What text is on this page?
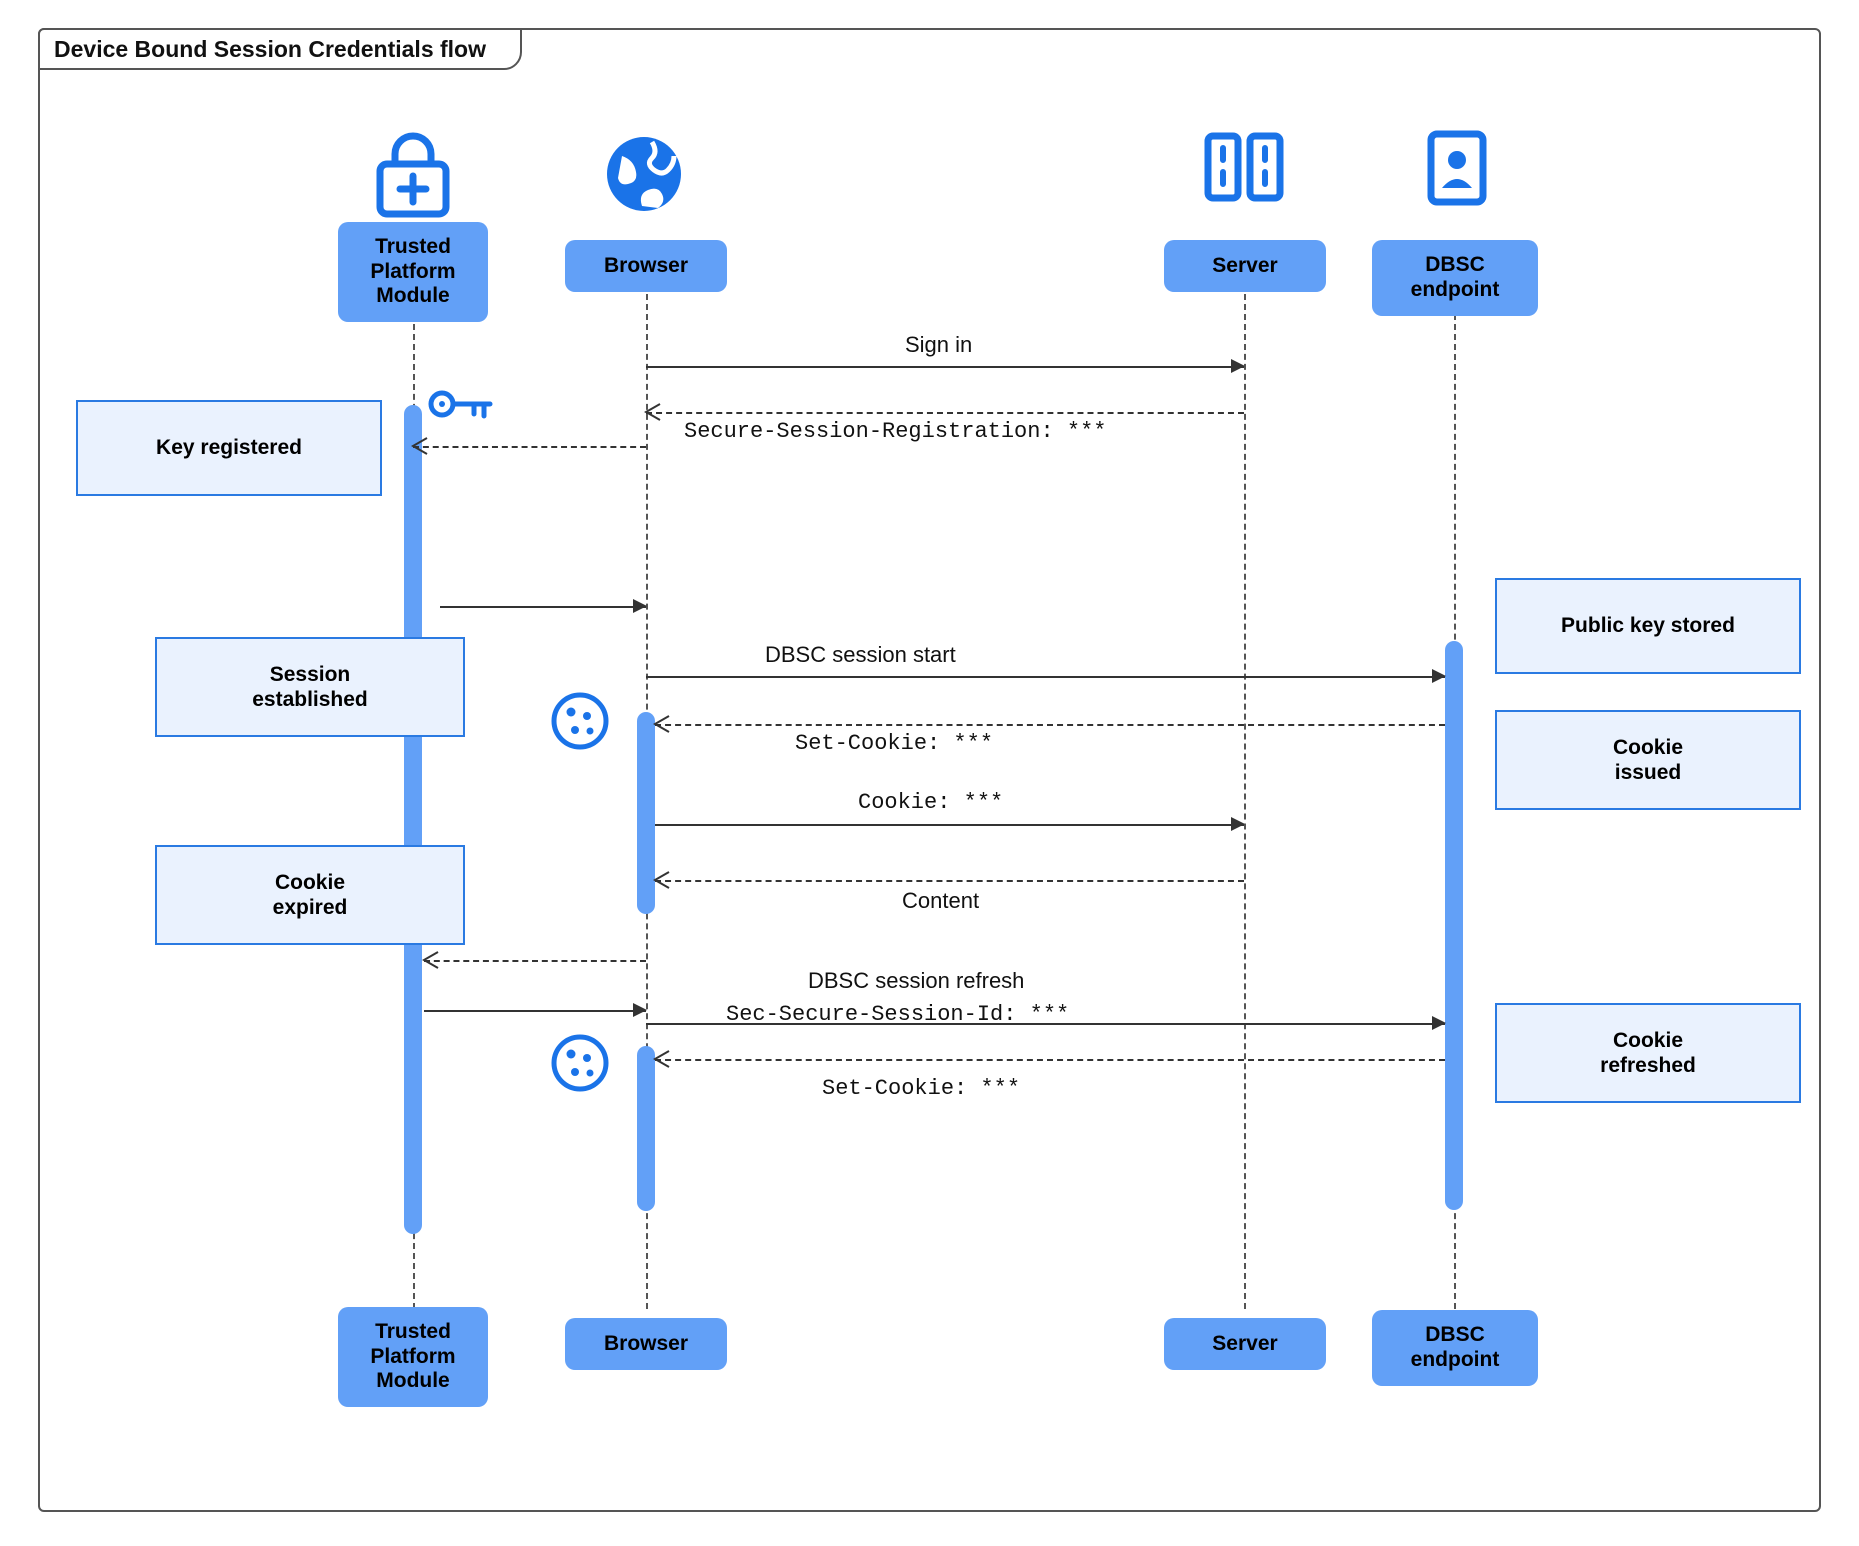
Device Bound Session Credentials flow
Trusted
Platform
Module
Browser	Server	DBSC
endpoint
Trusted
Platform
Module
Browser	Server	DBSC
endpoint
Sign in
Secure-Session-Registration: ***
DBSC session start
Set-Cookie: ***
Cookie: ***
Content
DBSC session refresh
Sec-Secure-Session-Id: ***
Set-Cookie: ***
Key registered
Session
established
Cookie
expired
Public key stored
Cookie
issued
Cookie
refreshed
